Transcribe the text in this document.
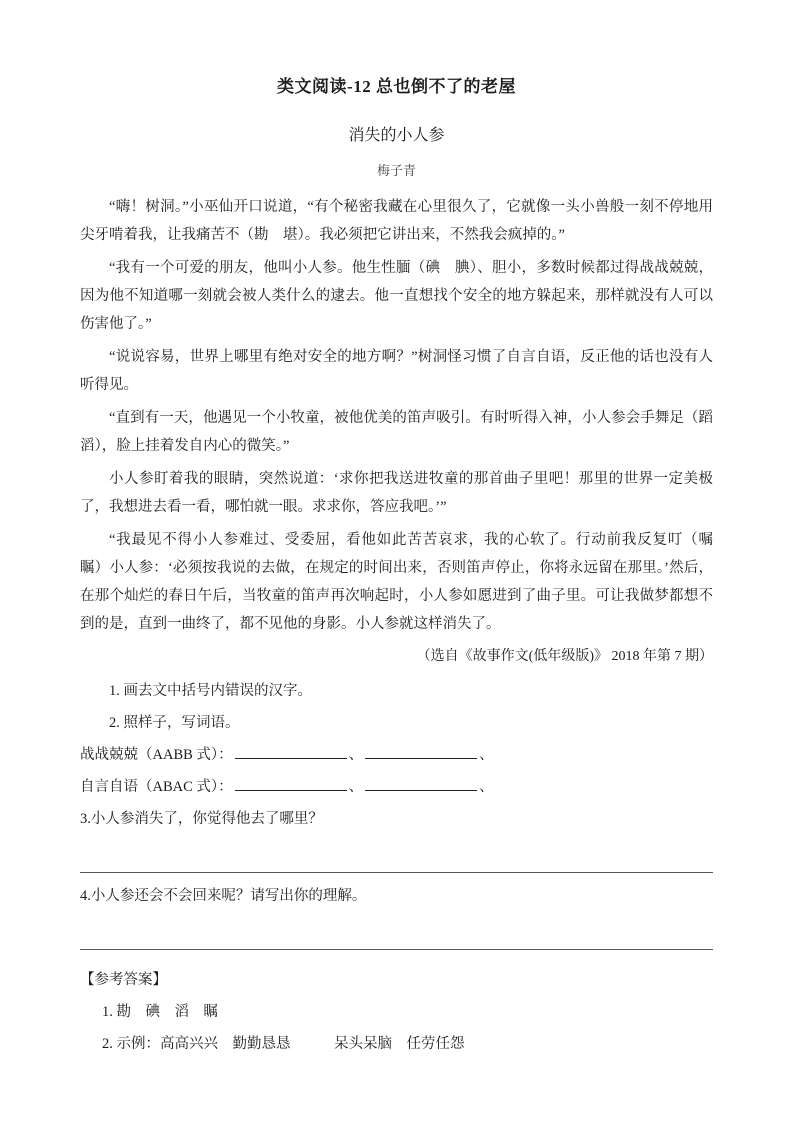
类文阅读-12 总也倒不了的老屋
消失的小人参
梅子青

“嗨！树洞。”小巫仙开口说道，“有个秘密我藏在心里很久了，它就像一头小兽般一刻不停地用尖牙啃着我，让我痛苦不（勘　堪）。我必须把它讲出来，不然我会疯掉的。”

“我有一个可爱的朋友，他叫小人参。他生性腼（碘　腆）、胆小，多数时候都过得战战兢兢，因为他不知道哪一刻就会被人类什么的逮去。他一直想找个安全的地方躲起来，那样就没有人可以伤害他了。”

“说说容易，世界上哪里有绝对安全的地方啊？”树洞怪习惯了自言自语，反正他的话也没有人听得见。

“直到有一天，他遇见一个小牧童，被他优美的笛声吸引。有时听得入神，小人参会手舞足（蹈　滔），脸上挂着发自内心的微笑。”

小人参盯着我的眼睛，突然说道：‘求你把我送进牧童的那首曲子里吧！那里的世界一定美极了，我想进去看一看，哪怕就一眼。求求你，答应我吧。’”

“我最见不得小人参难过、受委屈，看他如此苦苦哀求，我的心软了。行动前我反复叮（嘱　瞩）小人参：‘必须按我说的去做，在规定的时间出来，否则笛声停止，你将永远留在那里。’然后，在那个灿烂的春日午后，当牧童的笛声再次响起时，小人参如愿进到了曲子里。可让我做梦都想不到的是，直到一曲终了，都不见他的身影。小人参就这样消失了。

（选自《故事作文(低年级版)》 2018 年第 7 期）

1. 画去文中括号内错误的汉字。

2. 照样子，写词语。

战战兢兢（AABB 式）：	、	、

自言自语（ABAC 式）：	、	、

3.小人参消失了，你觉得他去了哪里？

4.小人参还会不会回来呢？请写出你的理解。

【参考答案】

1. 勘　碘　滔　瞩

2. 示例：高高兴兴　勤勤恳恳　　　呆头呆脑　任劳任怨
